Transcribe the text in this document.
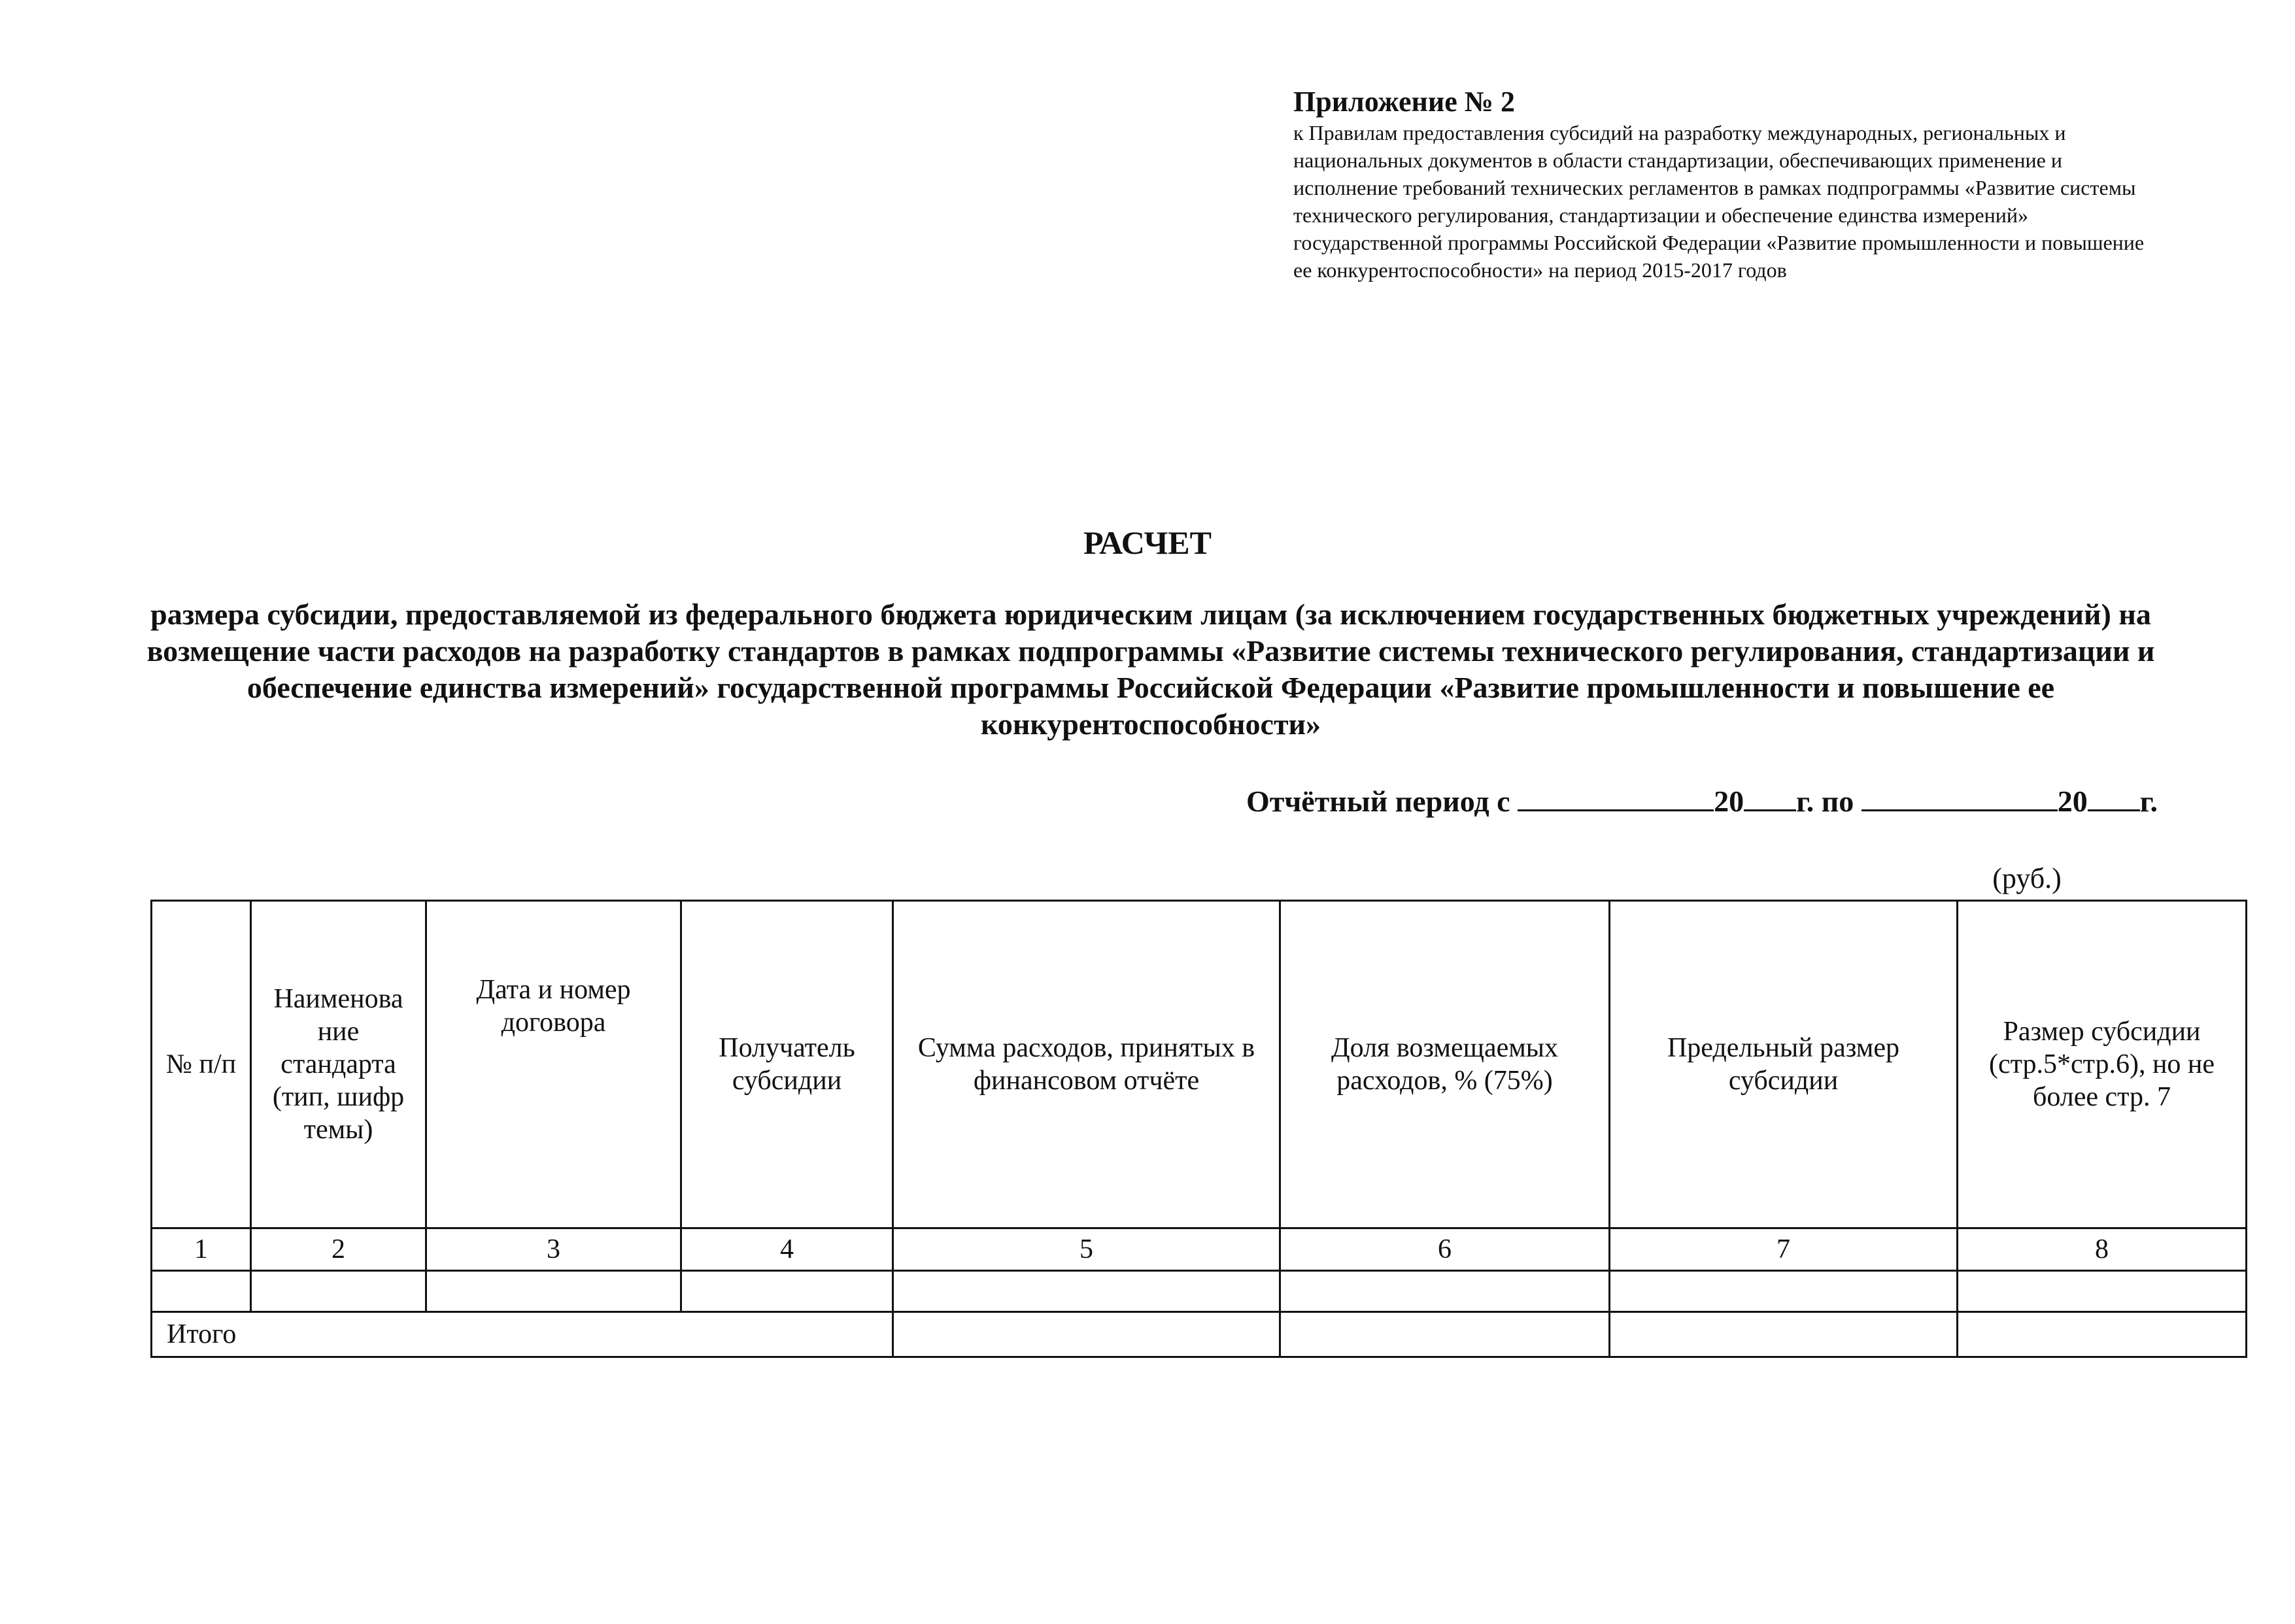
Приложение № 2
к Правилам предоставления субсидий на разработку международных, региональных и национальных документов в области стандартизации, обеспечивающих применение и исполнение требований технических регламентов в рамках подпрограммы «Развитие системы технического регулирования, стандартизации и обеспечение единства измерений» государственной программы Российской Федерации «Развитие промышленности и повышение ее конкурентоспособности» на период 2015-2017 годов
РАСЧЕТ
размера субсидии, предоставляемой из федерального бюджета юридическим лицам (за исключением государственных бюджетных учреждений) на возмещение части расходов на разработку стандартов в рамках подпрограммы «Развитие системы технического регулирования, стандартизации и обеспечение единства измерений» государственной программы Российской Федерации «Развитие промышленности и повышение ее конкурентоспособности»
Отчётный период с	20 г. по	20 г.
(руб.)
№ п/п	Наименова ние стандарта (тип, шифр темы)	Дата и номер договора	Получатель субсидии	Сумма расходов, принятых в финансовом отчёте	Доля возмещаемых расходов, % (75%)	Предельный размер субсидии	Размер субсидии (стр.5*стр.6), но не более стр. 7
1	2	3	4	5	6	7	8

Итого							
